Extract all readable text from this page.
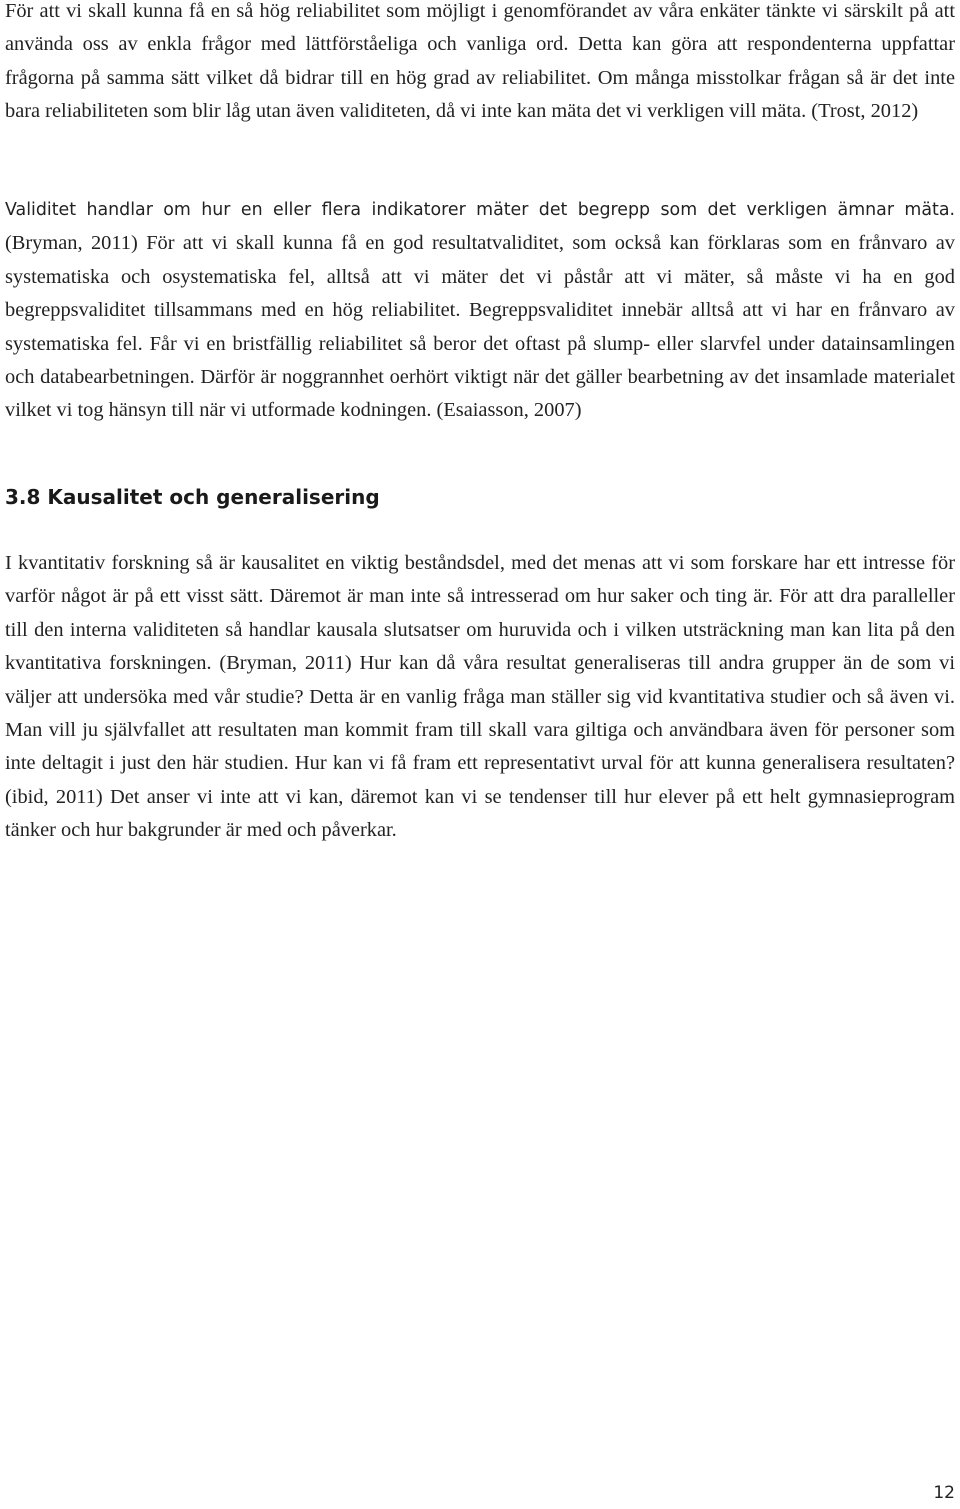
För att vi skall kunna få en så hög reliabilitet som möjligt i genomförandet av våra enkäter tänkte vi särskilt på att använda oss av enkla frågor med lättförståeliga och vanliga ord. Detta kan göra att respondenterna uppfattar frågorna på samma sätt vilket då bidrar till en hög grad av reliabilitet. Om många misstolkar frågan så är det inte bara reliabiliteten som blir låg utan även validiteten, då vi inte kan mäta det vi verkligen vill mäta. (Trost, 2012)

Validitet handlar om hur en eller flera indikatorer mäter det begrepp som det verkligen ämnar mäta. (Bryman, 2011) För att vi skall kunna få en god resultatvaliditet, som också kan förklaras som en frånvaro av systematiska och osystematiska fel, alltså att vi mäter det vi påstår att vi mäter, så måste vi ha en god begreppsvaliditet tillsammans med en hög reliabilitet. Begreppsvaliditet innebär alltså att vi har en frånvaro av systematiska fel. Får vi en bristfällig reliabilitet så beror det oftast på slump- eller slarvfel under datainsamlingen och databearbetningen. Därför är noggrannhet oerhört viktigt när det gäller bearbetning av det insamlade materialet vilket vi tog hänsyn till när vi utformade kodningen. (Esaiasson, 2007)

3.8 Kausalitet och generalisering

I kvantitativ forskning så är kausalitet en viktig beståndsdel, med det menas att vi som forskare har ett intresse för varför något är på ett visst sätt. Däremot är man inte så intresserad om hur saker och ting är. För att dra paralleller till den interna validiteten så handlar kausala slutsatser om huruvida och i vilken utsträckning man kan lita på den kvantitativa forskningen. (Bryman, 2011) Hur kan då våra resultat generaliseras till andra grupper än de som vi väljer att undersöka med vår studie? Detta är en vanlig fråga man ställer sig vid kvantitativa studier och så även vi. Man vill ju självfallet att resultaten man kommit fram till skall vara giltiga och användbara även för personer som inte deltagit i just den här studien. Hur kan vi få fram ett representativt urval för att kunna generalisera resultaten? (ibid, 2011) Det anser vi inte att vi kan, däremot kan vi se tendenser till hur elever på ett helt gymnasieprogram tänker och hur bakgrunder är med och påverkar.

12
